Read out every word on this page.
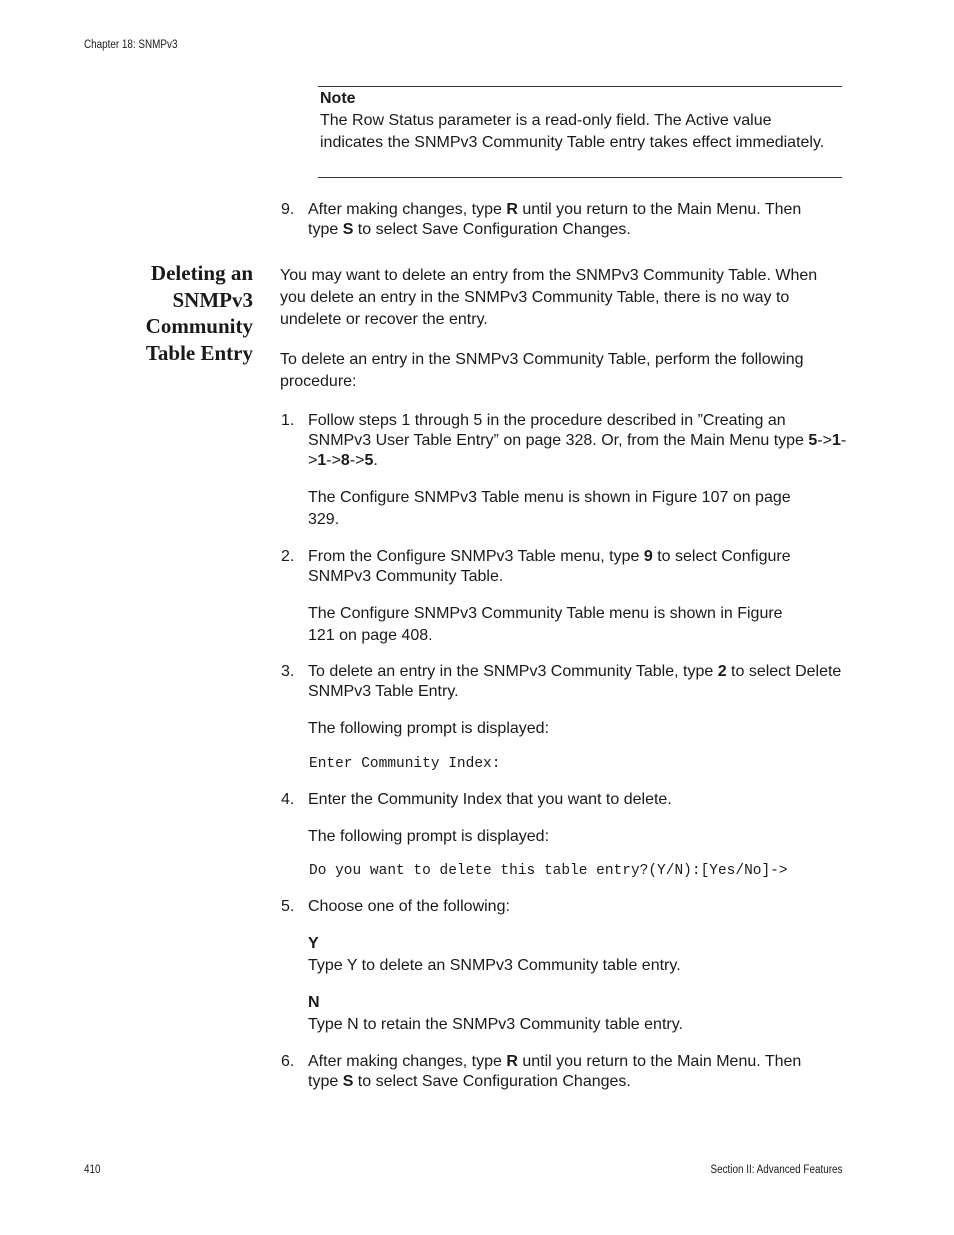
Chapter 18: SNMPv3
Note
The Row Status parameter is a read-only field. The Active value indicates the SNMPv3 Community Table entry takes effect immediately.
9. After making changes, type R until you return to the Main Menu. Then
type S to select Save Configuration Changes.
Deleting an
SNMPv3
Community
Table Entry
You may want to delete an entry from the SNMPv3 Community Table. When you delete an entry in the SNMPv3 Community Table, there is no way to undelete or recover the entry.
To delete an entry in the SNMPv3 Community Table, perform the following procedure:
1. Follow steps 1 through 5 in the procedure described in ”Creating an SNMPv3 User Table Entry” on page 328. Or, from the Main Menu type 5->1->1->8->5.
The Configure SNMPv3 Table menu is shown in Figure 107 on page 329.
2. From the Configure SNMPv3 Table menu, type 9 to select Configure SNMPv3 Community Table.
The Configure SNMPv3 Community Table menu is shown in Figure 121 on page 408.
3. To delete an entry in the SNMPv3 Community Table, type 2 to select Delete SNMPv3 Table Entry.
The following prompt is displayed:
Enter Community Index:
4. Enter the Community Index that you want to delete.
The following prompt is displayed:
Do you want to delete this table entry?(Y/N):[Yes/No]->
5. Choose one of the following:
Y
Type Y to delete an SNMPv3 Community table entry.
N
Type N to retain the SNMPv3 Community table entry.
6. After making changes, type R until you return to the Main Menu. Then
type S to select Save Configuration Changes.
410	Section II: Advanced Features
